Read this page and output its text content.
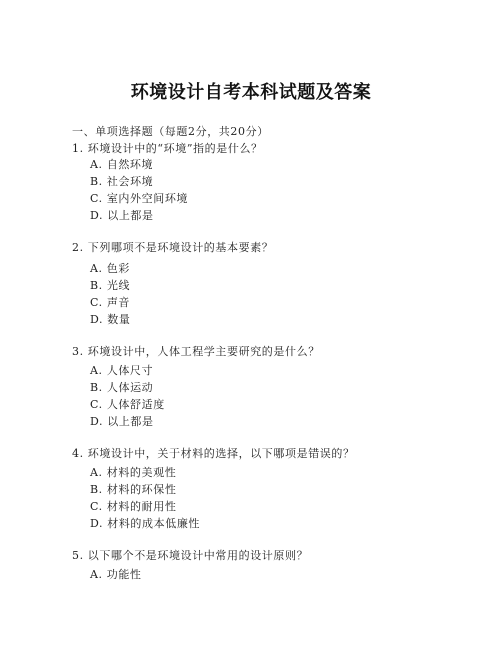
环境设计自考本科试题及答案
一、单项选择题（每题2分，共20分）
1. 环境设计中的“环境”指的是什么？
A. 自然环境
B. 社会环境
C. 室内外空间环境
D. 以上都是
2. 下列哪项不是环境设计的基本要素？
A. 色彩
B. 光线
C. 声音
D. 数量
3. 环境设计中，人体工程学主要研究的是什么？
A. 人体尺寸
B. 人体运动
C. 人体舒适度
D. 以上都是
4. 环境设计中，关于材料的选择，以下哪项是错误的？
A. 材料的美观性
B. 材料的环保性
C. 材料的耐用性
D. 材料的成本低廉性
5. 以下哪个不是环境设计中常用的设计原则？
A. 功能性
